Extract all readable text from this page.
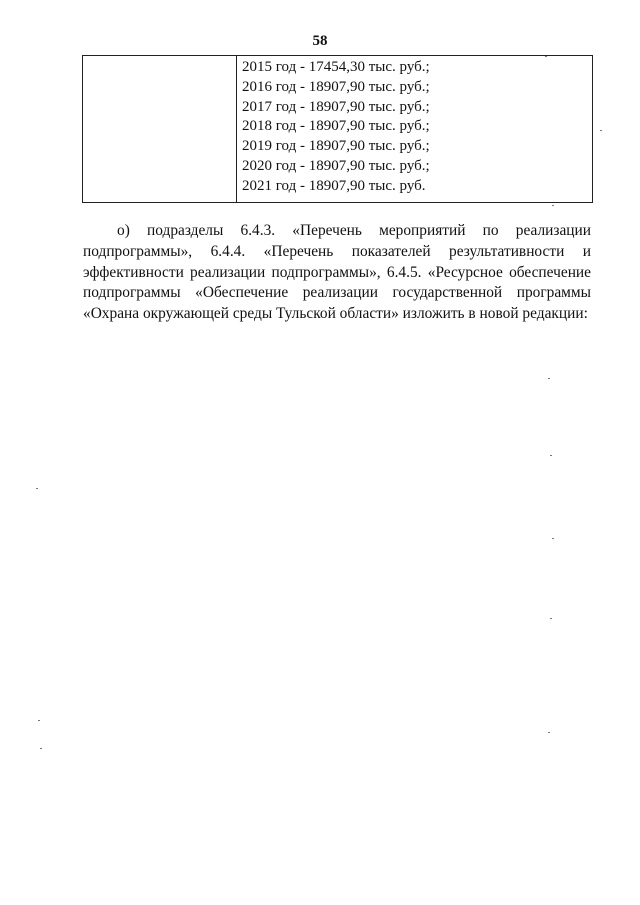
58

2015 год - 17454,30 тыс. руб.;
2016 год - 18907,90 тыс. руб.;
2017 год - 18907,90 тыс. руб.;
2018 год - 18907,90 тыс. руб.;
2019 год - 18907,90 тыс. руб.;
2020 год - 18907,90 тыс. руб.;
2021 год - 18907,90 тыс. руб.
о) подразделы 6.4.3. «Перечень мероприятий по реализации подпрограммы», 6.4.4. «Перечень показателей результативности и эффективности реализации подпрограммы», 6.4.5. «Ресурсное обеспечение подпрограммы «Обеспечение реализации государственной программы «Охрана окружающей среды Тульской области» изложить в новой редакции:
